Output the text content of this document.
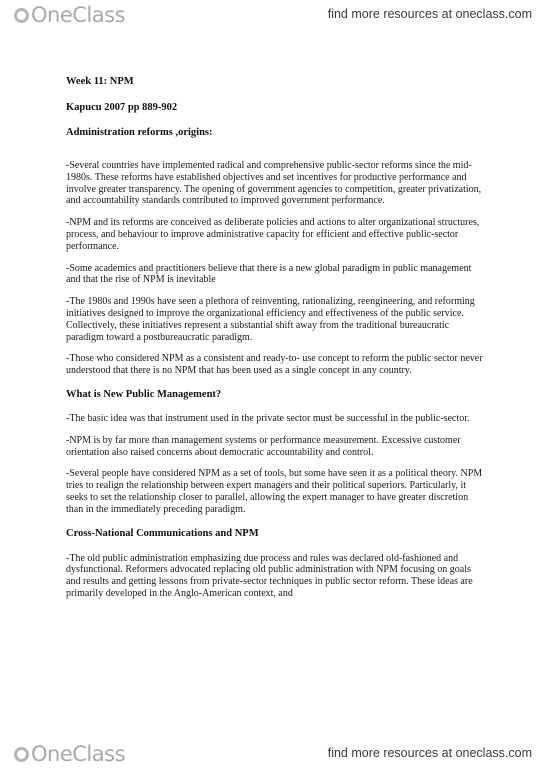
OneClass	find more resources at oneclass.com

Week 11: NPM

Kapucu 2007 pp 889-902

Administration reforms ,origins:

-Several countries have implemented radical and comprehensive public-sector reforms since the mid-1980s. These reforms have established objectives and set incentives for productive performance and involve greater transparency. The opening of government agencies to competition, greater privatization, and accountability standards contributed to improved government performance.

-NPM and its reforms are conceived as deliberate policies and actions to alter organizational structures, process, and behaviour to improve administrative capacity for efficient and effective public-sector performance.

-Some academics and practitioners believe that there is a new global paradigm in public management and that the rise of NPM is inevitable

-The 1980s and 1990s have seen a plethora of reinventing, rationalizing, reengineering, and reforming initiatives designed to improve the organizational efficiency and effectiveness of the public service. Collectively, these initiatives represent a substantial shift away from the traditional bureaucratic paradigm toward a postbureaucratic paradigm.

-Those who considered NPM as a consistent and ready-to- use concept to reform the public sector never understood that there is no NPM that has been used as a single concept in any country.

What is New Public Management?

-The basic idea was that instrument used in the private sector must be successful in the public-sector.

-NPM is by far more than management systems or performance measurement. Excessive customer orientation also raised concerns about democratic accountability and control.

-Several people have considered NPM as a set of tools, but some have seen it as a political theory. NPM tries to realign the relationship between expert managers and their political superiors. Particularly, it seeks to set the relationship closer to parallel, allowing the expert manager to have greater discretion than in the immediately preceding paradigm.

Cross-National Communications and NPM

-The old public administration emphasizing due process and rules was declared old-fashioned and dysfunctional. Reformers advocated replacing old public administration with NPM focusing on goals and results and getting lessons from private-sector techniques in public sector reform. These ideas are primarily developed in the Anglo-American context, and

OneClass	find more resources at oneclass.com
